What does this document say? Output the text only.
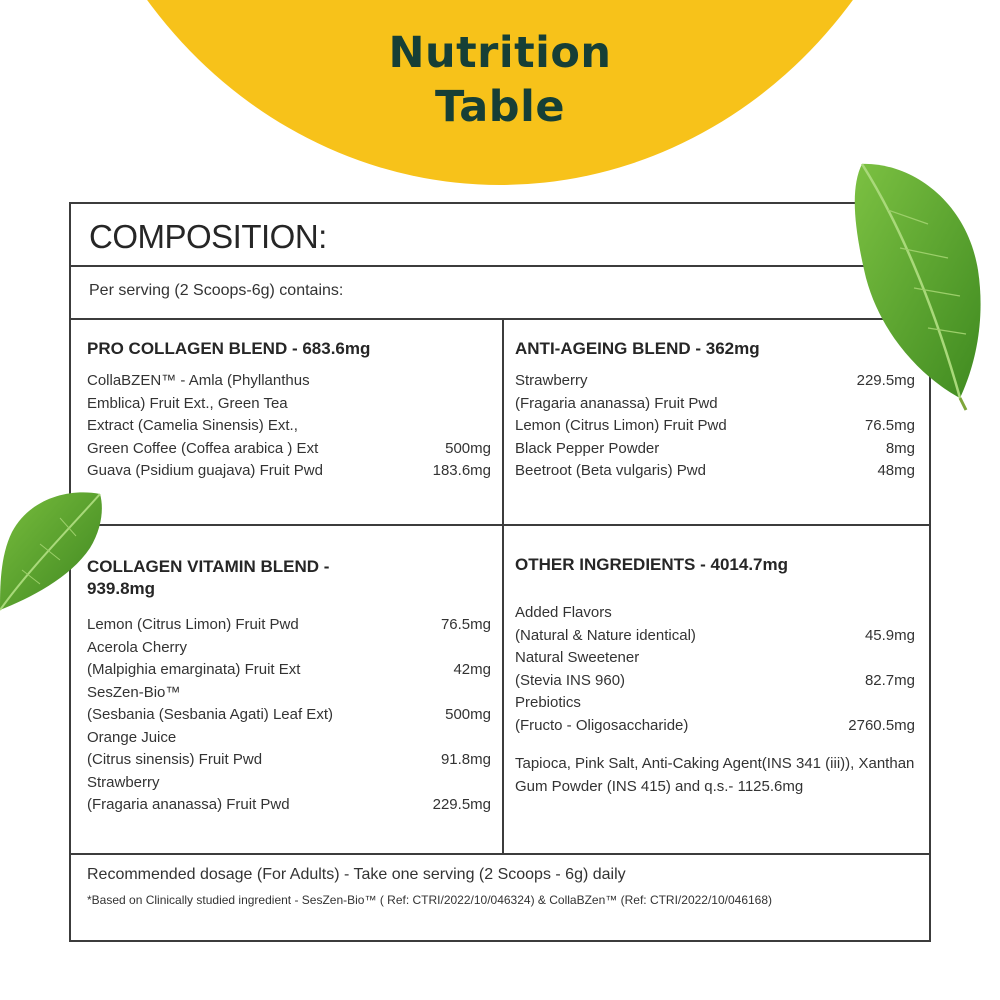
Nutrition
Table
COMPOSITION:
Per serving (2 Scoops-6g) contains:
PRO COLLAGEN BLEND - 683.6mg
CollaBZEN™ - Amla (Phyllanthus
Emblica) Fruit Ext., Green Tea
Extract (Camelia Sinensis) Ext.,
Green Coffee (Coffea arabica ) Ext	500mg
Guava (Psidium guajava) Fruit Pwd	183.6mg
ANTI-AGEING BLEND - 362mg
Strawberry	229.5mg
(Fragaria ananassa) Fruit Pwd
Lemon (Citrus Limon) Fruit Pwd	76.5mg
Black Pepper Powder	8mg
Beetroot (Beta vulgaris) Pwd	48mg
COLLAGEN VITAMIN BLEND -
939.8mg
Lemon (Citrus Limon) Fruit Pwd	76.5mg
Acerola Cherry
(Malpighia emarginata) Fruit Ext	42mg
SesZen-Bio™
(Sesbania (Sesbania Agati) Leaf Ext)	500mg
Orange Juice
(Citrus sinensis) Fruit Pwd	91.8mg
Strawberry
(Fragaria ananassa) Fruit Pwd	229.5mg
OTHER INGREDIENTS - 4014.7mg
Added Flavors
(Natural & Nature identical)	45.9mg
Natural Sweetener
(Stevia INS 960)	82.7mg
Prebiotics
(Fructo - Oligosaccharide)	2760.5mg
Tapioca, Pink Salt, Anti-Caking Agent(INS 341 (iii)), Xanthan Gum Powder (INS 415) and q.s.- 1125.6mg
Recommended dosage (For Adults) - Take one serving (2 Scoops - 6g) daily
*Based on Clinically studied ingredient - SesZen-Bio™ ( Ref: CTRI/2022/10/046324) & CollaBZen™ (Ref: CTRI/2022/10/046168)
